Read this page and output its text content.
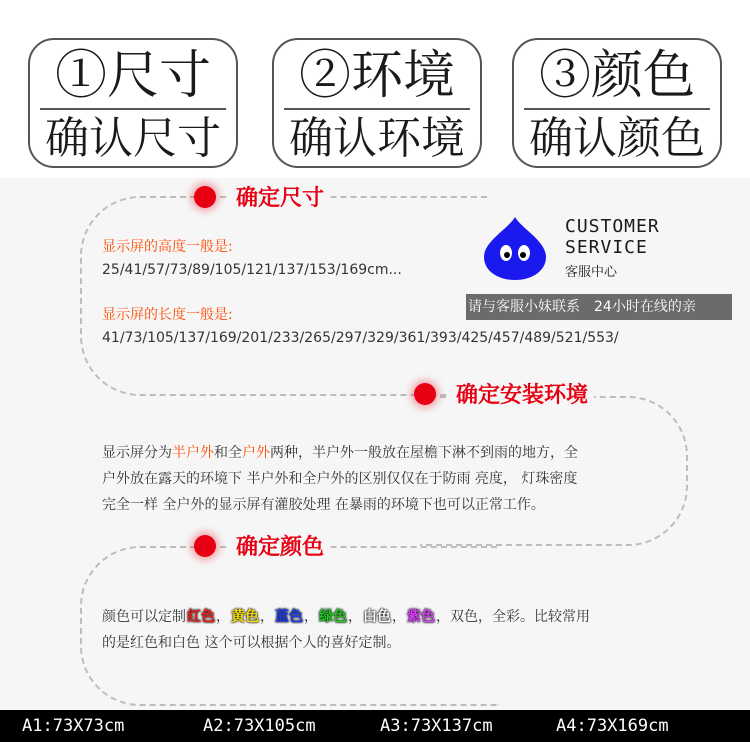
①尺寸
确认尺寸
②环境
确认环境
③颜色
确认颜色
确定尺寸
显示屏的高度一般是:
25/41/57/73/89/105/121/137/153/169cm...
显示屏的长度一般是:
41/73/105/137/169/201/233/265/297/329/361/393/425/457/489/521/553/
CUSTOMER
SERVICE
客服中心
请与客服小妹联系　24小时在线的亲
确定安装环境
显示屏分为半户外和全户外两种，半户外一般放在屋檐下淋不到雨的地方，全
户外放在露天的环境下 半户外和全户外的区别仅仅在于防雨 亮度， 灯珠密度
完全一样 全户外的显示屏有灌胶处理 在暴雨的环境下也可以正常工作。
确定颜色
颜色可以定制红色，黄色，蓝色，绿色，白色，紫色，双色，全彩。比较常用
的是红色和白色 这个可以根据个人的喜好定制。
A1:73X73cm	A2:73X105cm	A3:73X137cm	A4:73X169cm
